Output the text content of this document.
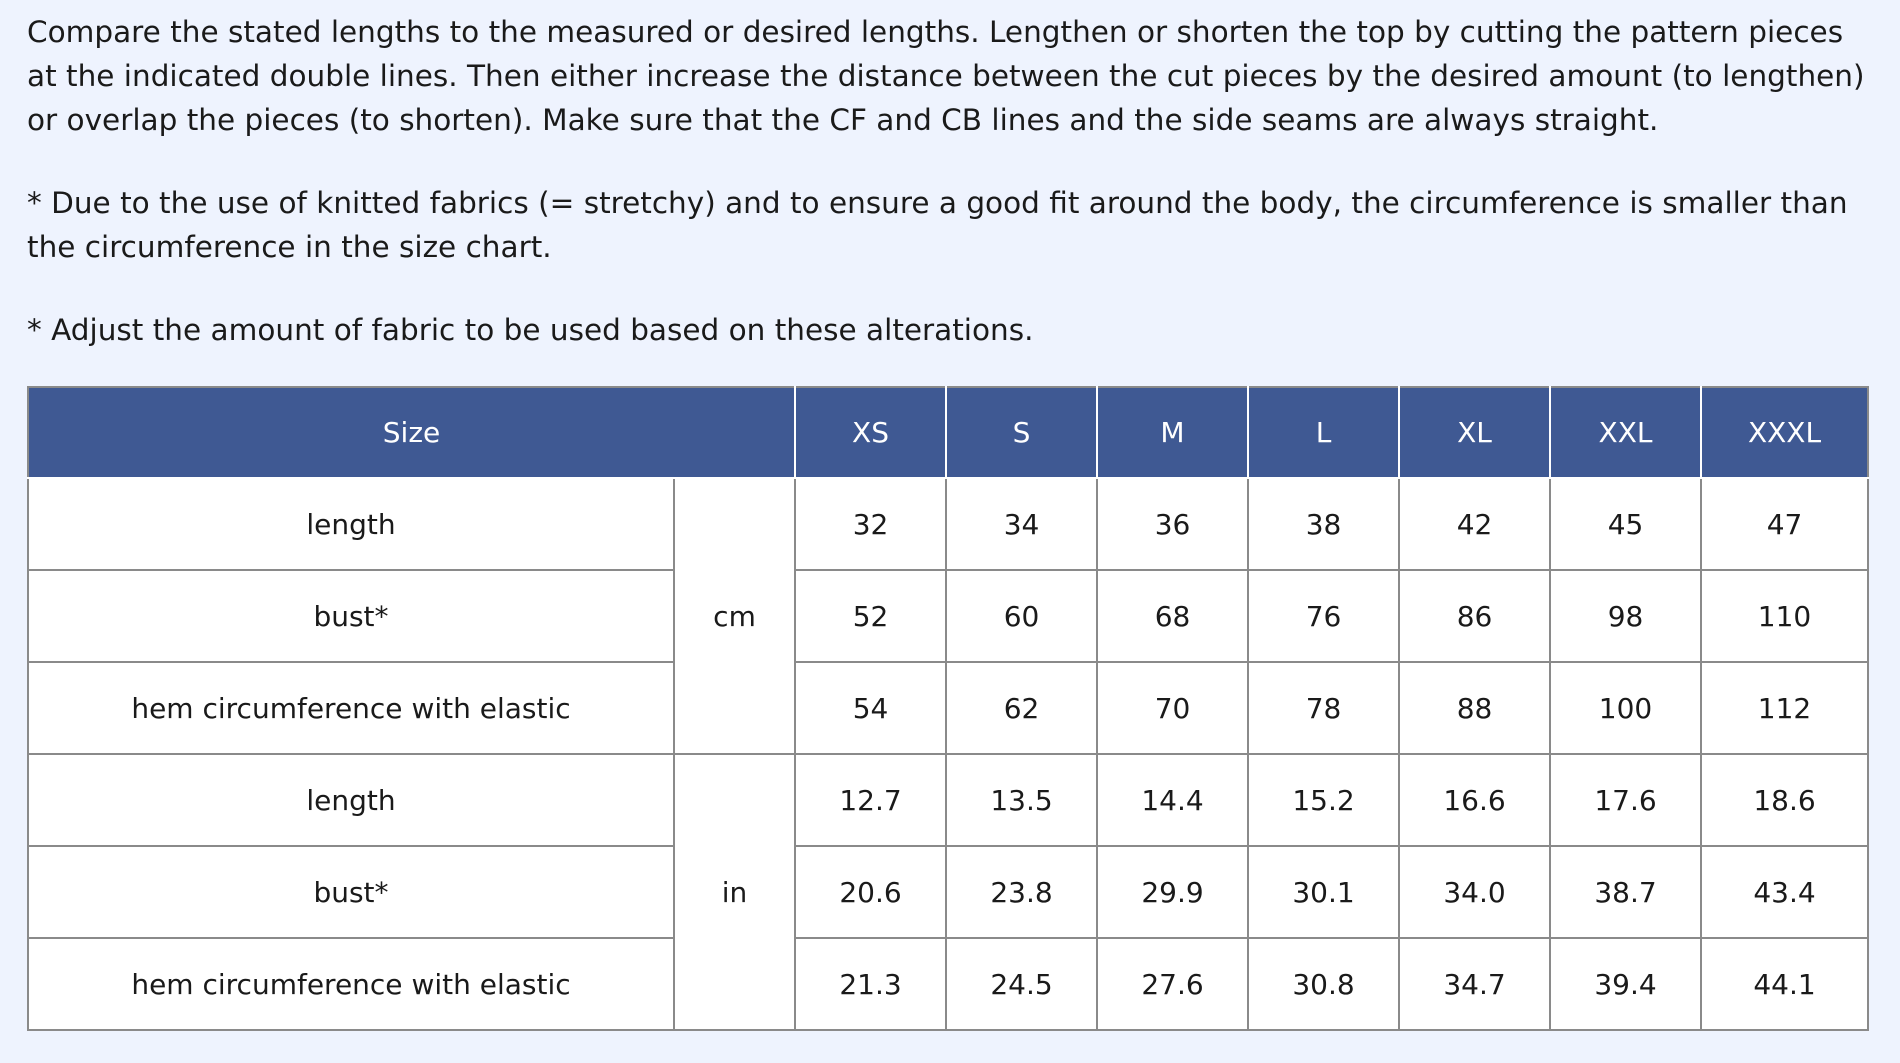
Compare the stated lengths to the measured or desired lengths. Lengthen or shorten the top by cutting the pattern pieces at the indicated double lines. Then either increase the distance between the cut pieces by the desired amount (to lengthen) or overlap the pieces (to shorten). Make sure that the CF and CB lines and the side seams are always straight.

* Due to the use of knitted fabrics (= stretchy) and to ensure a good fit around the body, the circumference is smaller than the circumference in the size chart.

* Adjust the amount of fabric to be used based on these alterations.

Size		XS	S	M	L	XL	XXL	XXXL
length	cm	32	34	36	38	42	45	47
bust*		52	60	68	76	86	98	110
hem circumference with elastic		54	62	70	78	88	100	112
length	in	12.7	13.5	14.4	15.2	16.6	17.6	18.6
bust*		20.6	23.8	29.9	30.1	34.0	38.7	43.4
hem circumference with elastic		21.3	24.5	27.6	30.8	34.7	39.4	44.1
